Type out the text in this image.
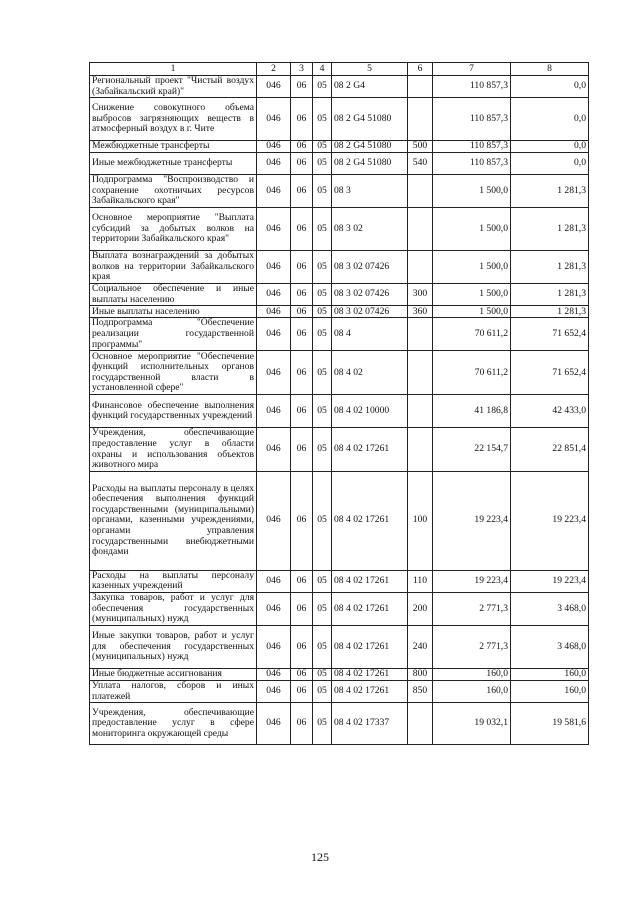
1	2	3	4	5	6	7	8
Региональный проект "Чистый воздух (Забайкальский край)"	046	06	05	08 2 G4		110 857,3	0,0
Снижение совокупного объема выбросов загрязняющих веществ в атмосферный воздух в г. Чите	046	06	05	08 2 G4 51080		110 857,3	0,0
Межбюджетные трансферты	046	06	05	08 2 G4 51080	500	110 857,3	0,0
Иные межбюджетные трансферты	046	06	05	08 2 G4 51080	540	110 857,3	0,0
Подпрограмма "Воспроизводство и сохранение охотничьих ресурсов Забайкальского края"	046	06	05	08 3		1 500,0	1 281,3
Основное мероприятие "Выплата субсидий за добытых волков на территории Забайкальского края"	046	06	05	08 3 02		1 500,0	1 281,3
Выплата вознаграждений за добытых волков на территории Забайкальского края	046	06	05	08 3 02 07426		1 500,0	1 281,3
Социальное обеспечение и иные выплаты населению	046	06	05	08 3 02 07426	300	1 500,0	1 281,3
Иные выплаты населению	046	06	05	08 3 02 07426	360	1 500,0	1 281,3
Подпрограмма "Обеспечение реализации государственной программы"	046	06	05	08 4		70 611,2	71 652,4
Основное мероприятие "Обеспечение функций исполнительных органов государственной власти в установленной сфере"	046	06	05	08 4 02		70 611,2	71 652,4
Финансовое обеспечение выполнения функций государственных учреждений	046	06	05	08 4 02 10000		41 186,8	42 433,0
Учреждения, обеспечивающие предоставление услуг в области охраны и использования объектов животного мира	046	06	05	08 4 02 17261		22 154,7	22 851,4
Расходы на выплаты персоналу в целях обеспечения выполнения функций государственными (муниципальными) органами, казенными учреждениями, органами управления государственными внебюджетными фондами	046	06	05	08 4 02 17261	100	19 223,4	19 223,4
Расходы на выплаты персоналу казенных учреждений	046	06	05	08 4 02 17261	110	19 223,4	19 223,4
Закупка товаров, работ и услуг для обеспечения государственных (муниципальных) нужд	046	06	05	08 4 02 17261	200	2 771,3	3 468,0
Иные закупки товаров, работ и услуг для обеспечения государственных (муниципальных) нужд	046	06	05	08 4 02 17261	240	2 771,3	3 468,0
Иные бюджетные ассигнования	046	06	05	08 4 02 17261	800	160,0	160,0
Уплата налогов, сборов и иных платежей	046	06	05	08 4 02 17261	850	160,0	160,0
Учреждения, обеспечивающие предоставление услуг в сфере мониторинга окружающей среды	046	06	05	08 4 02 17337		19 032,1	19 581,6
125
